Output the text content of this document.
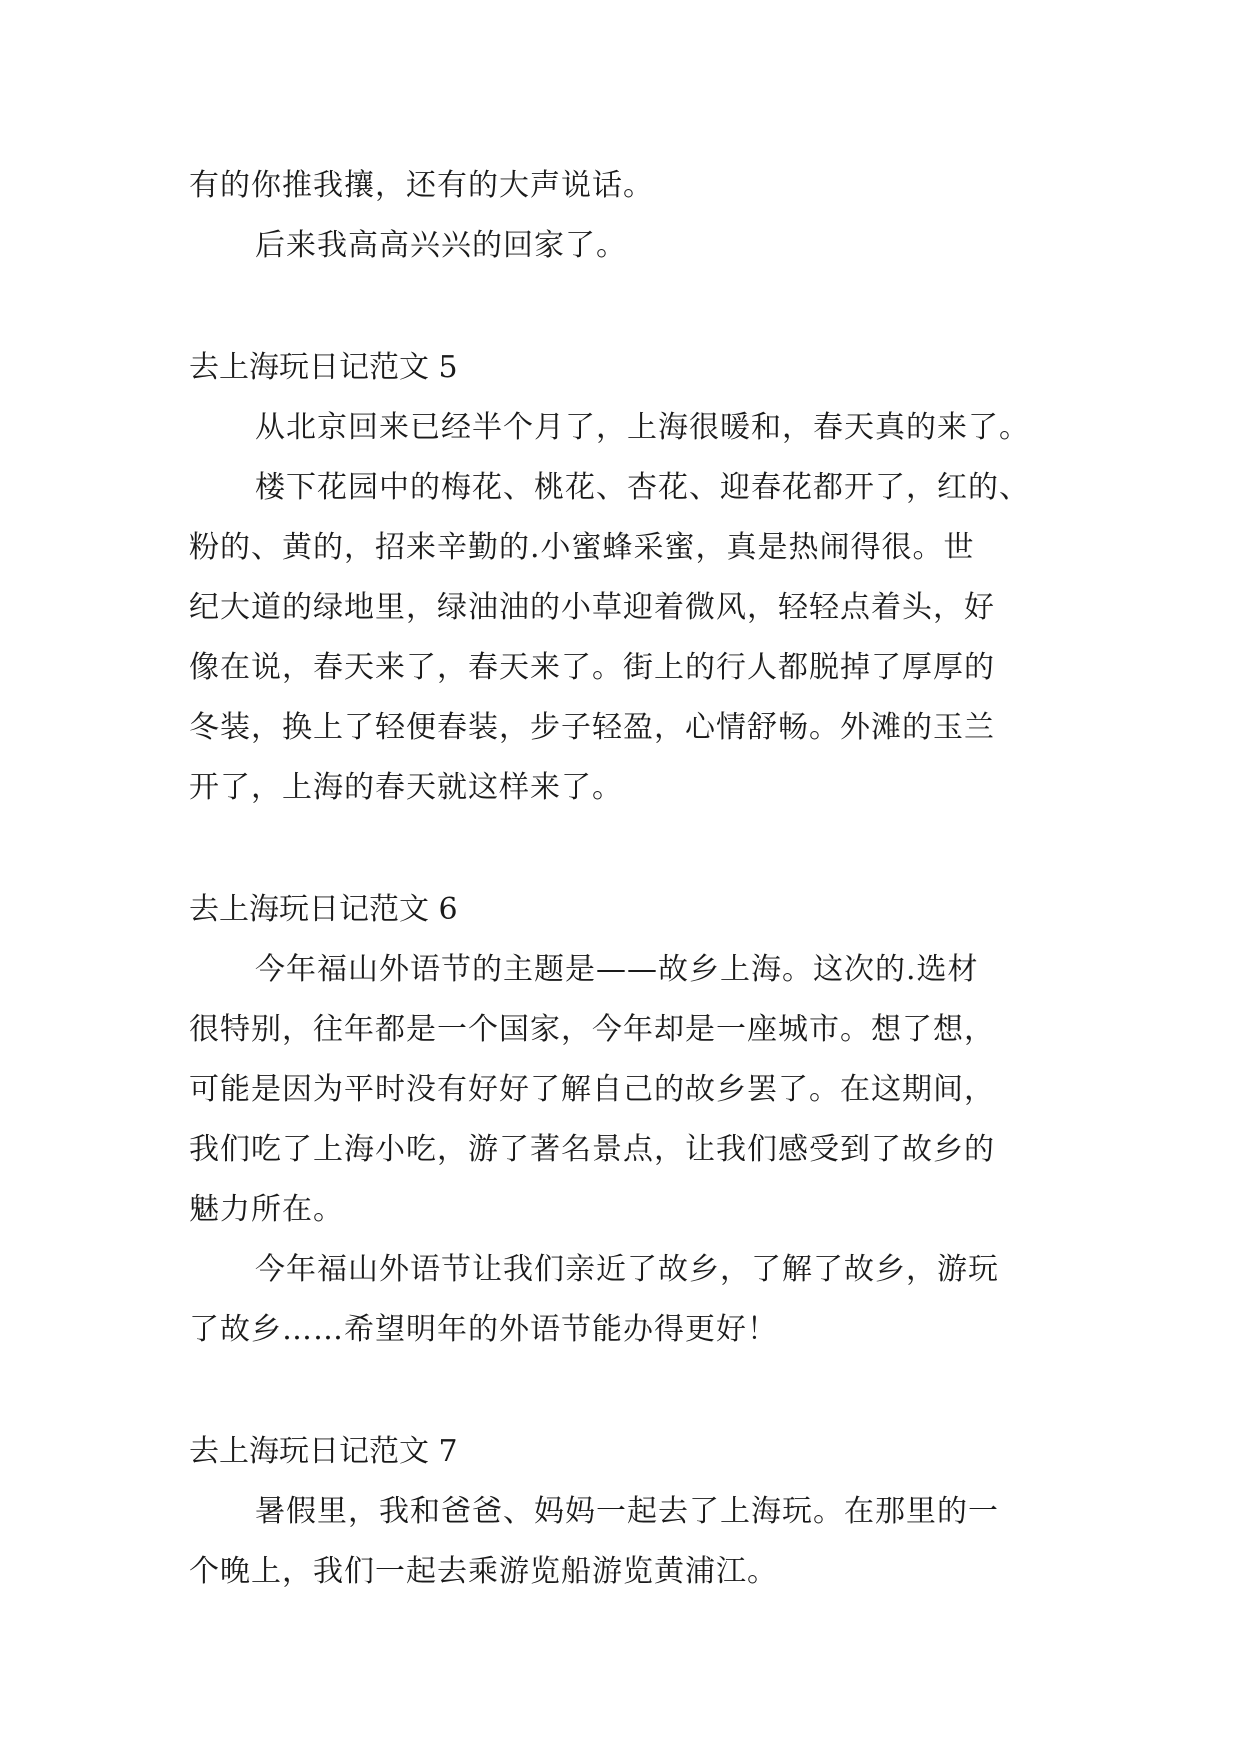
有的你推我攘，还有的大声说话。
后来我高高兴兴的回家了。
去上海玩日记范文 5
从北京回来已经半个月了，上海很暖和，春天真的来了。
楼下花园中的梅花、桃花、杏花、迎春花都开了，红的、
粉的、黄的，招来辛勤的.小蜜蜂采蜜，真是热闹得很。世
纪大道的绿地里，绿油油的小草迎着微风，轻轻点着头，好
像在说，春天来了，春天来了。街上的行人都脱掉了厚厚的
冬装，换上了轻便春装，步子轻盈，心情舒畅。外滩的玉兰
开了，上海的春天就这样来了。
去上海玩日记范文 6
今年福山外语节的主题是——故乡上海。这次的.选材
很特别，往年都是一个国家，今年却是一座城市。想了想，
可能是因为平时没有好好了解自己的故乡罢了。在这期间，
我们吃了上海小吃，游了著名景点，让我们感受到了故乡的
魅力所在。
今年福山外语节让我们亲近了故乡，了解了故乡，游玩
了故乡……希望明年的外语节能办得更好！
去上海玩日记范文 7
暑假里，我和爸爸、妈妈一起去了上海玩。在那里的一
个晚上，我们一起去乘游览船游览黄浦江。
